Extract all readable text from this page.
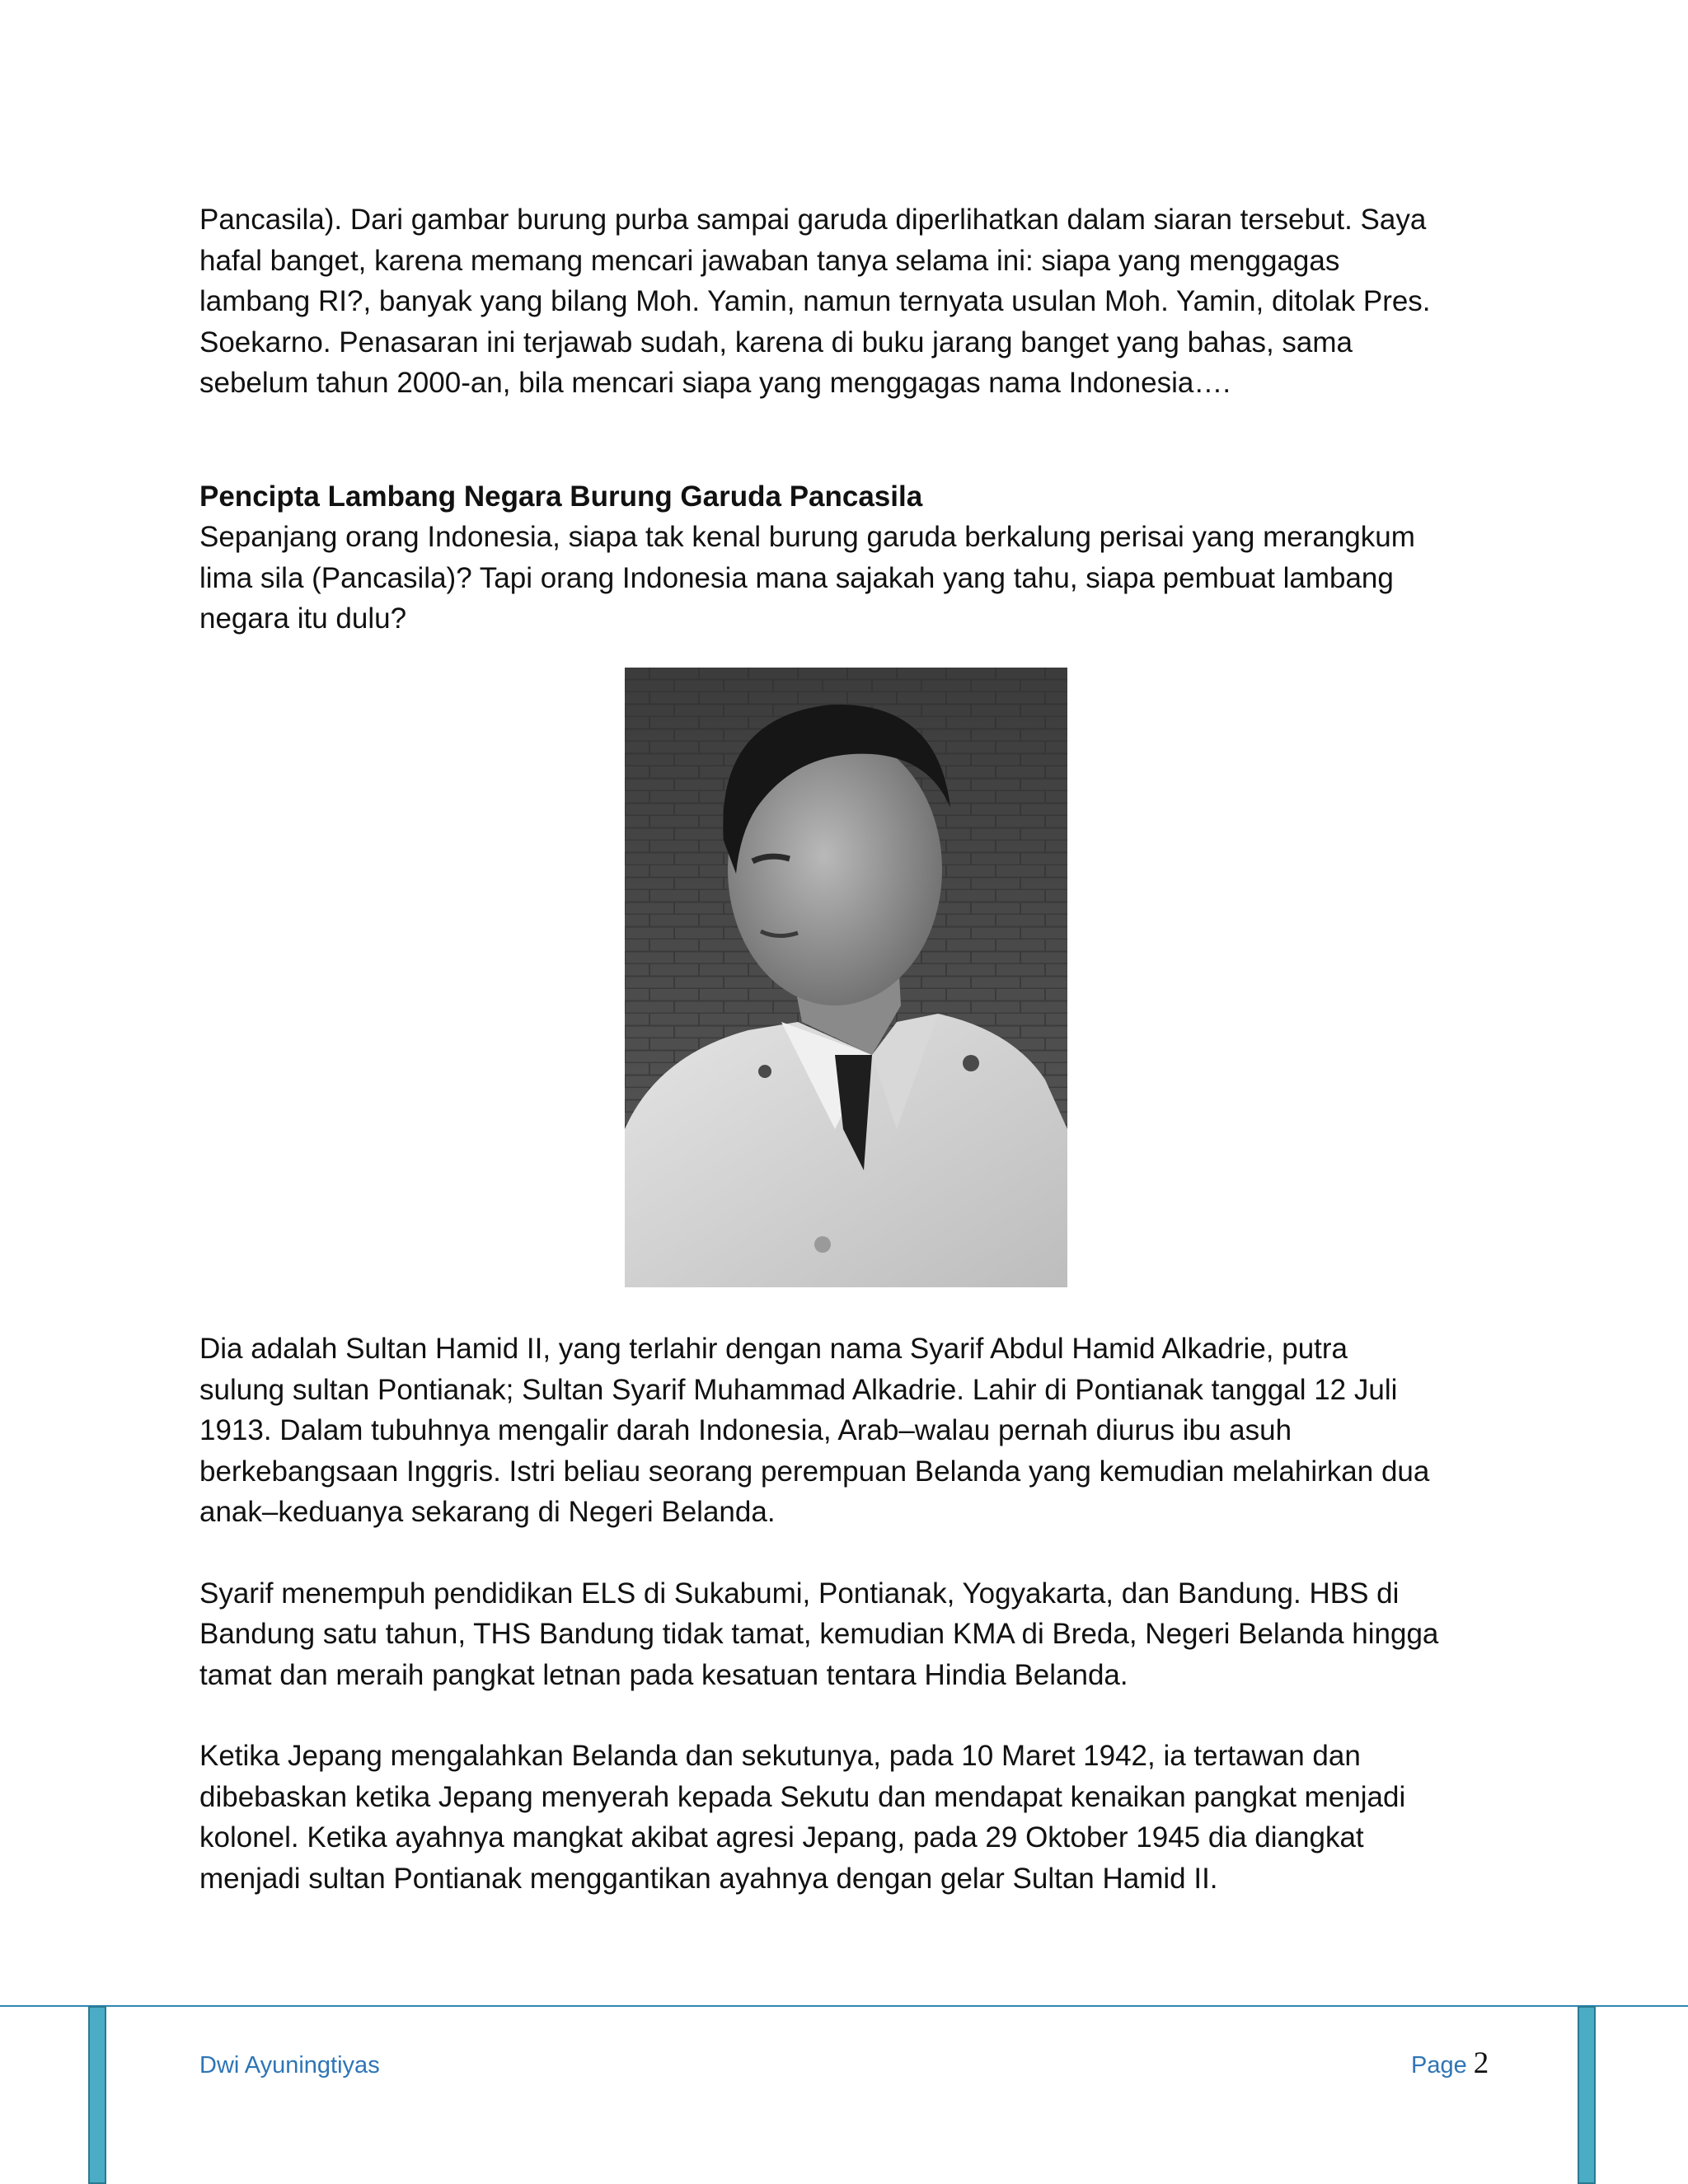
Pancasila). Dari gambar burung purba sampai garuda diperlihatkan dalam siaran tersebut. Saya
hafal banget, karena memang mencari jawaban tanya selama ini: siapa yang menggagas
lambang RI?, banyak yang bilang Moh. Yamin, namun ternyata usulan Moh. Yamin, ditolak Pres.
Soekarno. Penasaran ini terjawab sudah, karena di buku jarang banget yang bahas, sama
sebelum tahun 2000-an, bila mencari siapa yang menggagas nama Indonesia….

Pencipta Lambang Negara Burung Garuda Pancasila

Sepanjang orang Indonesia, siapa tak kenal burung garuda berkalung perisai yang merangkum
lima sila (Pancasila)? Tapi orang Indonesia mana sajakah yang tahu, siapa pembuat lambang
negara itu dulu?

Dia adalah Sultan Hamid II, yang terlahir dengan nama Syarif Abdul Hamid Alkadrie, putra
sulung sultan Pontianak; Sultan Syarif Muhammad Alkadrie. Lahir di Pontianak tanggal 12 Juli
1913. Dalam tubuhnya mengalir darah Indonesia, Arab–walau pernah diurus ibu asuh
berkebangsaan Inggris. Istri beliau seorang perempuan Belanda yang kemudian melahirkan dua
anak–keduanya sekarang di Negeri Belanda.

Syarif menempuh pendidikan ELS di Sukabumi, Pontianak, Yogyakarta, dan Bandung. HBS di
Bandung satu tahun, THS Bandung tidak tamat, kemudian KMA di Breda, Negeri Belanda hingga
tamat dan meraih pangkat letnan pada kesatuan tentara Hindia Belanda.

Ketika Jepang mengalahkan Belanda dan sekutunya, pada 10 Maret 1942, ia tertawan dan
dibebaskan ketika Jepang menyerah kepada Sekutu dan mendapat kenaikan pangkat menjadi
kolonel. Ketika ayahnya mangkat akibat agresi Jepang, pada 29 Oktober 1945 dia diangkat
menjadi sultan Pontianak menggantikan ayahnya dengan gelar Sultan Hamid II.

Dwi Ayuningtiyas	Page 2
